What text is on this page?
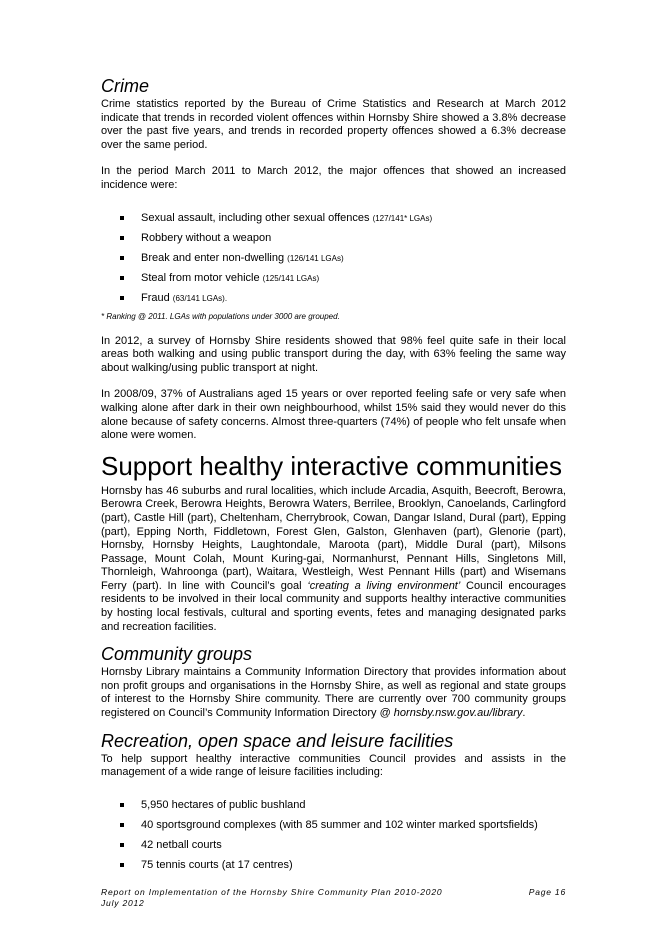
Crime

Crime statistics reported by the Bureau of Crime Statistics and Research at March 2012 indicate that trends in recorded violent offences within Hornsby Shire showed a 3.8% decrease over the past five years, and trends in recorded property offences showed a 6.3% decrease over the same period.

In the period March 2011 to March 2012, the major offences that showed an increased incidence were:

Sexual assault, including other sexual offences (127/141* LGAs)
Robbery without a weapon
Break and enter non-dwelling (126/141 LGAs)
Steal from motor vehicle (125/141 LGAs)
Fraud (63/141 LGAs).
* Ranking @ 2011. LGAs with populations under 3000 are grouped.

In 2012, a survey of Hornsby Shire residents showed that 98% feel quite safe in their local areas both walking and using public transport during the day, with 63% feeling the same way about walking/using public transport at night.

In 2008/09, 37% of Australians aged 15 years or over reported feeling safe or very safe when walking alone after dark in their own neighbourhood, whilst 15% said they would never do this alone because of safety concerns. Almost three-quarters (74%) of people who felt unsafe when alone were women.

Support healthy interactive communities

Hornsby has 46 suburbs and rural localities, which include Arcadia, Asquith, Beecroft, Berowra, Berowra Creek, Berowra Heights, Berowra Waters, Berrilee, Brooklyn, Canoelands, Carlingford (part), Castle Hill (part), Cheltenham, Cherrybrook, Cowan, Dangar Island, Dural (part), Epping (part), Epping North, Fiddletown, Forest Glen, Galston, Glenhaven (part), Glenorie (part), Hornsby, Hornsby Heights, Laughtondale, Maroota (part), Middle Dural (part), Milsons Passage, Mount Colah, Mount Kuring-gai, Normanhurst, Pennant Hills, Singletons Mill, Thornleigh, Wahroonga (part), Waitara, Westleigh, West Pennant Hills (part) and Wisemans Ferry (part). In line with Council’s goal ‘creating a living environment’ Council encourages residents to be involved in their local community and supports healthy interactive communities by hosting local festivals, cultural and sporting events, fetes and managing designated parks and recreation facilities.

Community groups

Hornsby Library maintains a Community Information Directory that provides information about non profit groups and organisations in the Hornsby Shire, as well as regional and state groups of interest to the Hornsby Shire community. There are currently over 700 community groups registered on Council’s Community Information Directory @ hornsby.nsw.gov.au/library.

Recreation, open space and leisure facilities

To help support healthy interactive communities Council provides and assists in the management of a wide range of leisure facilities including:

5,950 hectares of public bushland
40 sportsground complexes (with 85 summer and 102 winter marked sportsfields)
42 netball courts
75 tennis courts (at 17 centres)
Report on Implementation of the Hornsby Shire Community Plan 2010-2020	Page 16
July 2012
